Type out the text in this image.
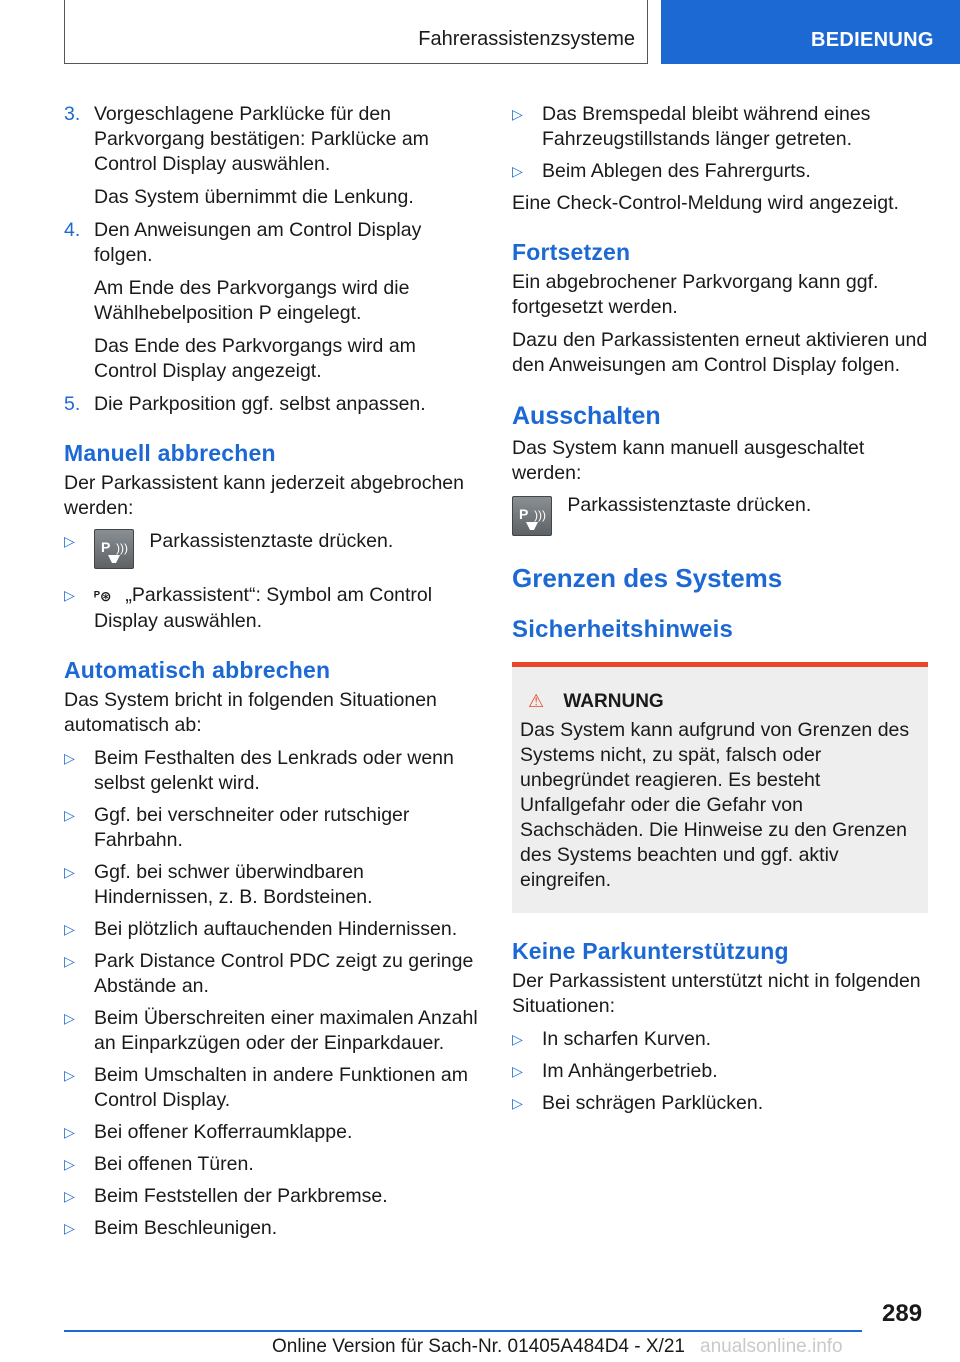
Fahrerassistenzsysteme	BEDIENUNG
3. Vorgeschlagene Parklücke für den Parkvorgang bestätigen: Parklücke am Control Display auswählen.
Das System übernimmt die Lenkung.
4. Den Anweisungen am Control Display folgen.
Am Ende des Parkvorgangs wird die Wählhebelposition P eingelegt.
Das Ende des Parkvorgangs wird am Control Display angezeigt.
5. Die Parkposition ggf. selbst anpassen.
Manuell abbrechen
Der Parkassistent kann jederzeit abgebrochen werden:
▷ P ))) Parkassistenztaste drücken.
▷ ᴾ⊛ „Parkassistent“: Symbol am Control Display auswählen.
Automatisch abbrechen
Das System bricht in folgenden Situationen automatisch ab:
▷ Beim Festhalten des Lenkrads oder wenn selbst gelenkt wird.
▷ Ggf. bei verschneiter oder rutschiger Fahrbahn.
▷ Ggf. bei schwer überwindbaren Hindernissen, z. B. Bordsteinen.
▷ Bei plötzlich auftauchenden Hindernissen.
▷ Park Distance Control PDC zeigt zu geringe Abstände an.
▷ Beim Überschreiten einer maximalen Anzahl an Einparkzügen oder der Einparkdauer.
▷ Beim Umschalten in andere Funktionen am Control Display.
▷ Bei offener Kofferraumklappe.
▷ Bei offenen Türen.
▷ Beim Feststellen der Parkbremse.
▷ Beim Beschleunigen.
▷ Das Bremspedal bleibt während eines Fahrzeugstillstands länger getreten.
▷ Beim Ablegen des Fahrergurts.
Eine Check-Control-Meldung wird angezeigt.
Fortsetzen
Ein abgebrochener Parkvorgang kann ggf. fortgesetzt werden.
Dazu den Parkassistenten erneut aktivieren und den Anweisungen am Control Display folgen.
Ausschalten
Das System kann manuell ausgeschaltet werden:
P ))) Parkassistenztaste drücken.
Grenzen des Systems
Sicherheitshinweis
⚠ WARNUNG
Das System kann aufgrund von Grenzen des Systems nicht, zu spät, falsch oder unbegründet reagieren. Es besteht Unfallgefahr oder die Gefahr von Sachschäden. Die Hinweise zu den Grenzen des Systems beachten und ggf. aktiv eingreifen.
Keine Parkunterstützung
Der Parkassistent unterstützt nicht in folgenden Situationen:
▷ In scharfen Kurven.
▷ Im Anhängerbetrieb.
▷ Bei schrägen Parklücken.
289
Online Version für Sach-Nr. 01405A484D4 - X/21 anualsonline.info
